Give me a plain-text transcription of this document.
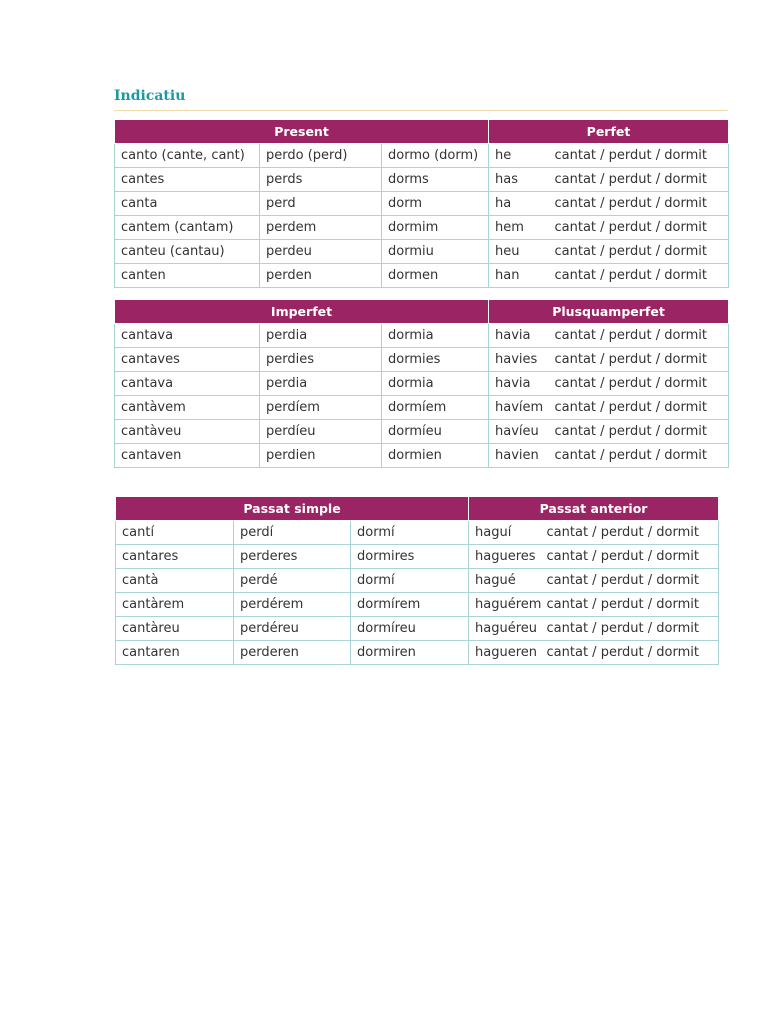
Indicatiu
Present			Perfet	
canto (cante, cant)	perdo (perd)	dormo (dorm)	he	cantat / perdut / dormit
cantes	perds	dorms	has	cantat / perdut / dormit
canta	perd	dorm	ha	cantat / perdut / dormit
cantem (cantam)	perdem	dormim	hem	cantat / perdut / dormit
canteu (cantau)	perdeu	dormiu	heu	cantat / perdut / dormit
canten	perden	dormen	han	cantat / perdut / dormit
Imperfet			Plusquamperfet	
cantava	perdia	dormia	havia	cantat / perdut / dormit
cantaves	perdies	dormies	havies	cantat / perdut / dormit
cantava	perdia	dormia	havia	cantat / perdut / dormit
cantàvem	perdíem	dormíem	havíem	cantat / perdut / dormit
cantàveu	perdíeu	dormíeu	havíeu	cantat / perdut / dormit
cantaven	perdien	dormien	havien	cantat / perdut / dormit
Passat simple			Passat anterior	
cantí	perdí	dormí	haguí	cantat / perdut / dormit
cantares	perderes	dormires	hagueres	cantat / perdut / dormit
cantà	perdé	dormí	hagué	cantat / perdut / dormit
cantàrem	perdérem	dormírem	haguérem	cantat / perdut / dormit
cantàreu	perdéreu	dormíreu	haguéreu	cantat / perdut / dormit
cantaren	perderen	dormiren	hagueren	cantat / perdut / dormit
